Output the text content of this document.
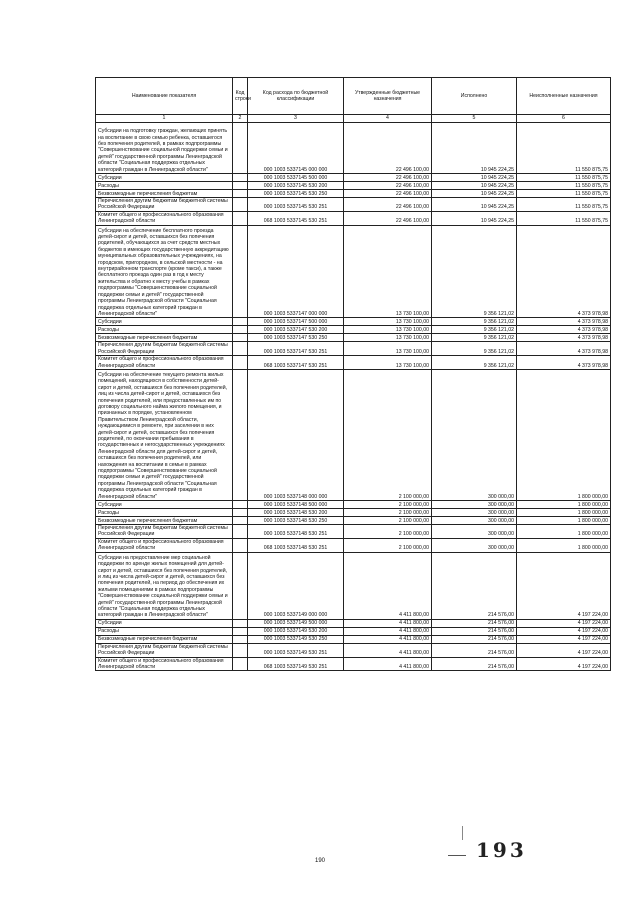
Наименование показателя	Код строки	Код расхода по бюджетной классификации	Утвержденные бюджетные назначения	Исполнено	Неисполненные назначения
1	2	3	4	5	6
Субсидии на подготовку граждан, желающих принять на воспитание в свою семью ребенка, оставшегося без попечения родителей, в рамках подпрограммы "Совершенствование социальной поддержки семьи и детей" государственной программы Ленинградской области "Социальная поддержка отдельных категорий граждан в Ленинградской области"		000 1003 5337145 000 000	22 496 100,00	10 945 224,25	11 550 875,75
Субсидии		000 1003 5337145 500 000	22 496 100,00	10 945 224,25	11 550 875,75
Расходы		000 1003 5337145 530 200	22 496 100,00	10 945 224,25	11 550 875,75
Безвозмездные перечисления бюджетам		000 1003 5337145 530 250	22 496 100,00	10 945 224,25	11 550 875,75
Перечисления другим бюджетам бюджетной системы Российской Федерации		000 1003 5337145 530 251	22 496 100,00	10 945 224,25	11 550 875,75
Комитет общего и профессионального образования Ленинградской области		068 1003 5337145 530 251	22 496 100,00	10 945 224,25	11 550 875,75
Субсидии на обеспечение бесплатного проезда детей-сирот и детей, оставшихся без попечения родителей, обучающихся за счет средств местных бюджетов в имеющих государственную аккредитацию муниципальных образовательных учреждениях, на городском, пригородном, в сельской местности - на внутрирайонном транспорте (кроме такси), а также бесплатного проезда один раз в год к месту жительства и обратно к месту учебы в рамках подпрограммы "Совершенствование социальной поддержки семьи и детей" государственной программы Ленинградской области "Социальная поддержка отдельных категорий граждан в Ленинградской области"		000 1003 5337147 000 000	13 730 100,00	9 356 121,02	4 373 978,98
Субсидии		000 1003 5337147 500 000	13 730 100,00	9 356 121,02	4 373 978,98
Расходы		000 1003 5337147 530 200	13 730 100,00	9 356 121,02	4 373 978,98
Безвозмездные перечисления бюджетам		000 1003 5337147 530 250	13 730 100,00	9 356 121,02	4 373 978,98
Перечисления другим бюджетам бюджетной системы Российской Федерации		000 1003 5337147 530 251	13 730 100,00	9 356 121,02	4 373 978,98
Комитет общего и профессионального образования Ленинградской области		068 1003 5337147 530 251	13 730 100,00	9 356 121,02	4 373 978,98
Субсидии на обеспечение текущего ремонта жилых помещений, находящихся в собственности детей-сирот и детей, оставшихся без попечения родителей, лиц из числа детей-сирот и детей, оставшихся без попечения родителей, или предоставленных им по договору социального найма жилого помещения, и признанных в порядке, установленном Правительством Ленинградской области, нуждающимися в ремонте, при заселении в них детей-сирот и детей, оставшихся без попечения родителей, по окончании пребывания в государственных и негосударственных учреждениях Ленинградской области для детей-сирот и детей, оставшихся без попечения родителей, или нахождения на воспитании в семье в рамках подпрограммы "Совершенствование социальной поддержки семьи и детей" государственной программы Ленинградской области "Социальная поддержка отдельных категорий граждан в Ленинградской области"		000 1003 5337148 000 000	2 100 000,00	300 000,00	1 800 000,00
Субсидии		000 1003 5337148 500 000	2 100 000,00	300 000,00	1 800 000,00
Расходы		000 1003 5337148 530 200	2 100 000,00	300 000,00	1 800 000,00
Безвозмездные перечисления бюджетам		000 1003 5337148 530 250	2 100 000,00	300 000,00	1 800 000,00
Перечисления другим бюджетам бюджетной системы Российской Федерации		000 1003 5337148 530 251	2 100 000,00	300 000,00	1 800 000,00
Комитет общего и профессионального образования Ленинградской области		068 1003 5337148 530 251	2 100 000,00	300 000,00	1 800 000,00
Субсидии на предоставление мер социальной поддержки по аренде жилых помещений для детей-сирот и детей, оставшихся без попечения родителей, и лиц из числа детей-сирот и детей, оставшихся без попечения родителей, на период до обеспечения их жилыми помещениями в рамках подпрограммы "Совершенствование социальной поддержки семьи и детей" государственной программы Ленинградской области "Социальная поддержка отдельных категорий граждан в Ленинградской области"		000 1003 5337149 000 000	4 411 800,00	214 576,00	4 197 224,00
Субсидии		000 1003 5337149 500 000	4 411 800,00	214 576,00	4 197 224,00
Расходы		000 1003 5337149 530 200	4 411 800,00	214 576,00	4 197 224,00
Безвозмездные перечисления бюджетам		000 1003 5337149 530 250	4 411 800,00	214 576,00	4 197 224,00
Перечисления другим бюджетам бюджетной системы Российской Федерации		000 1003 5337149 530 251	4 411 800,00	214 576,00	4 197 224,00
Комитет общего и профессионального образования Ленинградской области		068 1003 5337149 530 251	4 411 800,00	214 576,00	4 197 224,00
193
190
